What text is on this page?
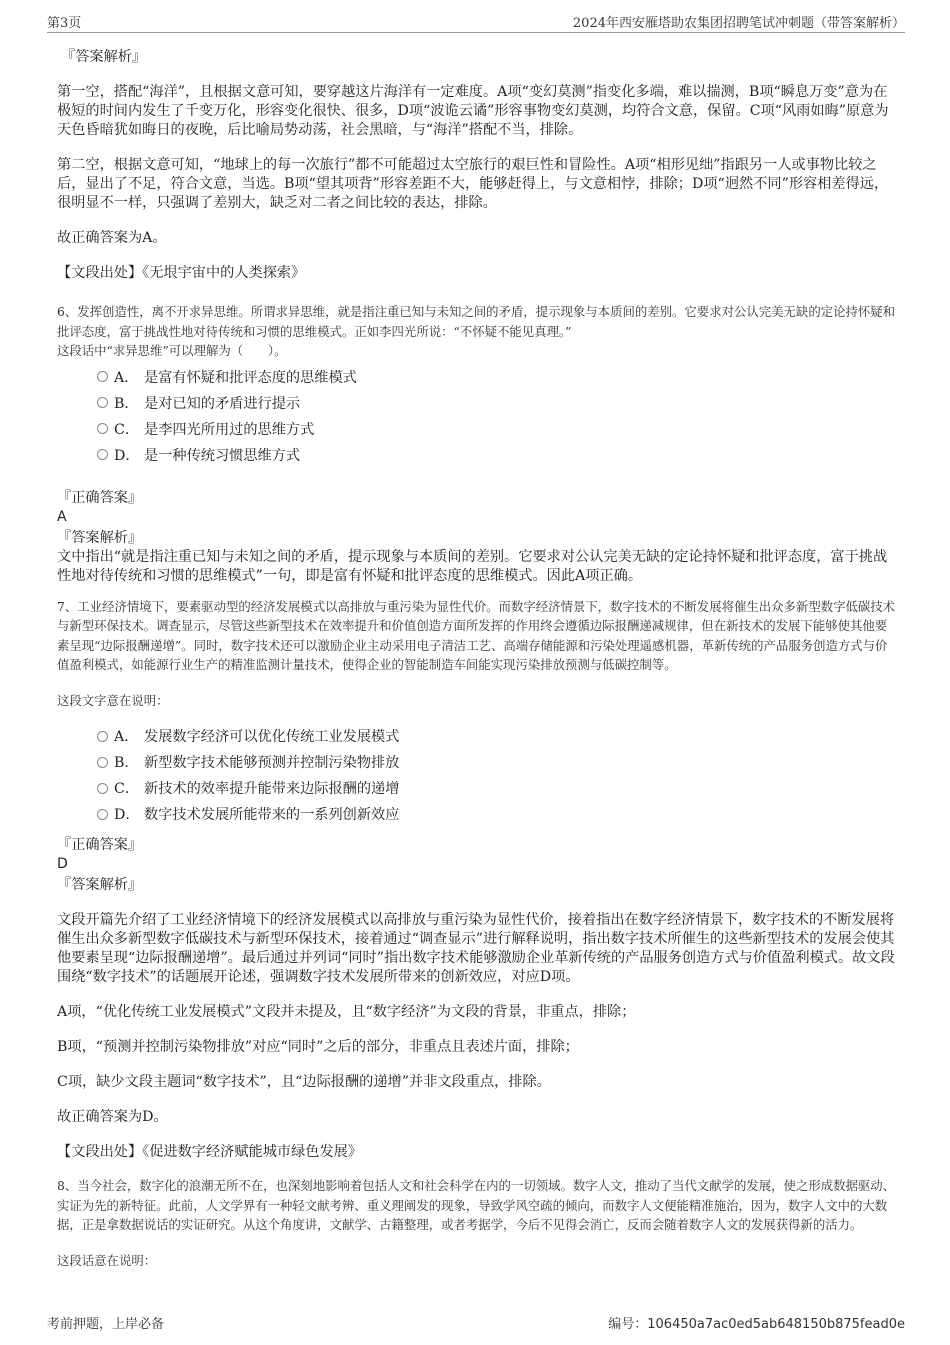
第3页	2024年西安雁塔助农集团招聘笔试冲刺题（带答案解析）

『答案解析』

第一空，搭配“海洋”，且根据文意可知，要穿越这片海洋有一定难度。A项“变幻莫测”指变化多端，难以揣测，B项“瞬息万变”意为在极短的时间内发生了千变万化，形容变化很快、很多，D项“波诡云谲”形容事物变幻莫测，均符合文意，保留。C项“风雨如晦”原意为天色昏暗犹如晦日的夜晚，后比喻局势动荡，社会黑暗，与“海洋”搭配不当，排除。

第二空，根据文意可知，“地球上的每一次旅行”都不可能超过太空旅行的艰巨性和冒险性。A项“相形见绌”指跟另一人或事物比较之后，显出了不足，符合文意，当选。B项“望其项背”形容差距不大，能够赶得上，与文意相悖，排除；D项“迥然不同”形容相差得远，很明显不一样，只强调了差别大，缺乏对二者之间比较的表达，排除。

故正确答案为A。

【文段出处】《无垠宇宙中的人类探索》

6、发挥创造性，离不开求异思维。所谓求异思维，就是指注重已知与未知之间的矛盾，提示现象与本质间的差别。它要求对公认完美无缺的定论持怀疑和批评态度，富于挑战性地对待传统和习惯的思维模式。正如李四光所说：“不怀疑不能见真理。”

这段话中“求异思维”可以理解为（　　）。

A． 是富有怀疑和批评态度的思维模式
B． 是对已知的矛盾进行提示
C． 是李四光所用过的思维方式
D． 是一种传统习惯思维方式

『正确答案』

A

『答案解析』

文中指出“就是指注重已知与未知之间的矛盾，提示现象与本质间的差别。它要求对公认完美无缺的定论持怀疑和批评态度，富于挑战性地对待传统和习惯的思维模式”一句，即是富有怀疑和批评态度的思维模式。因此A项正确。

7、工业经济情境下，要素驱动型的经济发展模式以高排放与重污染为显性代价。而数字经济情景下，数字技术的不断发展将催生出众多新型数字低碳技术与新型环保技术。调查显示，尽管这些新型技术在效率提升和价值创造方面所发挥的作用终会遵循边际报酬递减规律，但在新技术的发展下能够使其他要素呈现“边际报酬递增”。同时，数字技术还可以激励企业主动采用电子清洁工艺、高端存储能源和污染处理遥感机器，革新传统的产品服务创造方式与价值盈利模式，如能源行业生产的精准监测计量技术，使得企业的智能制造车间能实现污染排放预测与低碳控制等。

这段文字意在说明：

A． 发展数字经济可以优化传统工业发展模式
B． 新型数字技术能够预测并控制污染物排放
C． 新技术的效率提升能带来边际报酬的递增
D． 数字技术发展所能带来的一系列创新效应

『正确答案』

D

『答案解析』

文段开篇先介绍了工业经济情境下的经济发展模式以高排放与重污染为显性代价，接着指出在数字经济情景下，数字技术的不断发展将催生出众多新型数字低碳技术与新型环保技术，接着通过“调查显示”进行解释说明，指出数字技术所催生的这些新型技术的发展会使其他要素呈现“边际报酬递增”。最后通过并列词“同时”指出数字技术能够激励企业革新传统的产品服务创造方式与价值盈利模式。故文段围绕“数字技术”的话题展开论述，强调数字技术发展所带来的创新效应，对应D项。

A项，“优化传统工业发展模式”文段并未提及，且“数字经济”为文段的背景，非重点，排除；

B项，“预测并控制污染物排放”对应“同时”之后的部分，非重点且表述片面，排除；

C项，缺少文段主题词“数字技术”，且“边际报酬的递增”并非文段重点，排除。

故正确答案为D。

【文段出处】《促进数字经济赋能城市绿色发展》

8、当今社会，数字化的浪潮无所不在，也深刻地影响着包括人文和社会科学在内的一切领域。数字人文，推动了当代文献学的发展，使之形成数据驱动、实证为先的新特征。此前，人文学界有一种轻文献考辨、重义理阐发的现象，导致学风空疏的倾向，而数字人文便能精准施治，因为，数字人文中的大数据，正是拿数据说话的实证研究。从这个角度讲，文献学、古籍整理，或者考据学，今后不见得会消亡，反而会随着数字人文的发展获得新的活力。

这段话意在说明：

考前押题，上岸必备	编号：106450a7ac0ed5ab648150b875fead0e
